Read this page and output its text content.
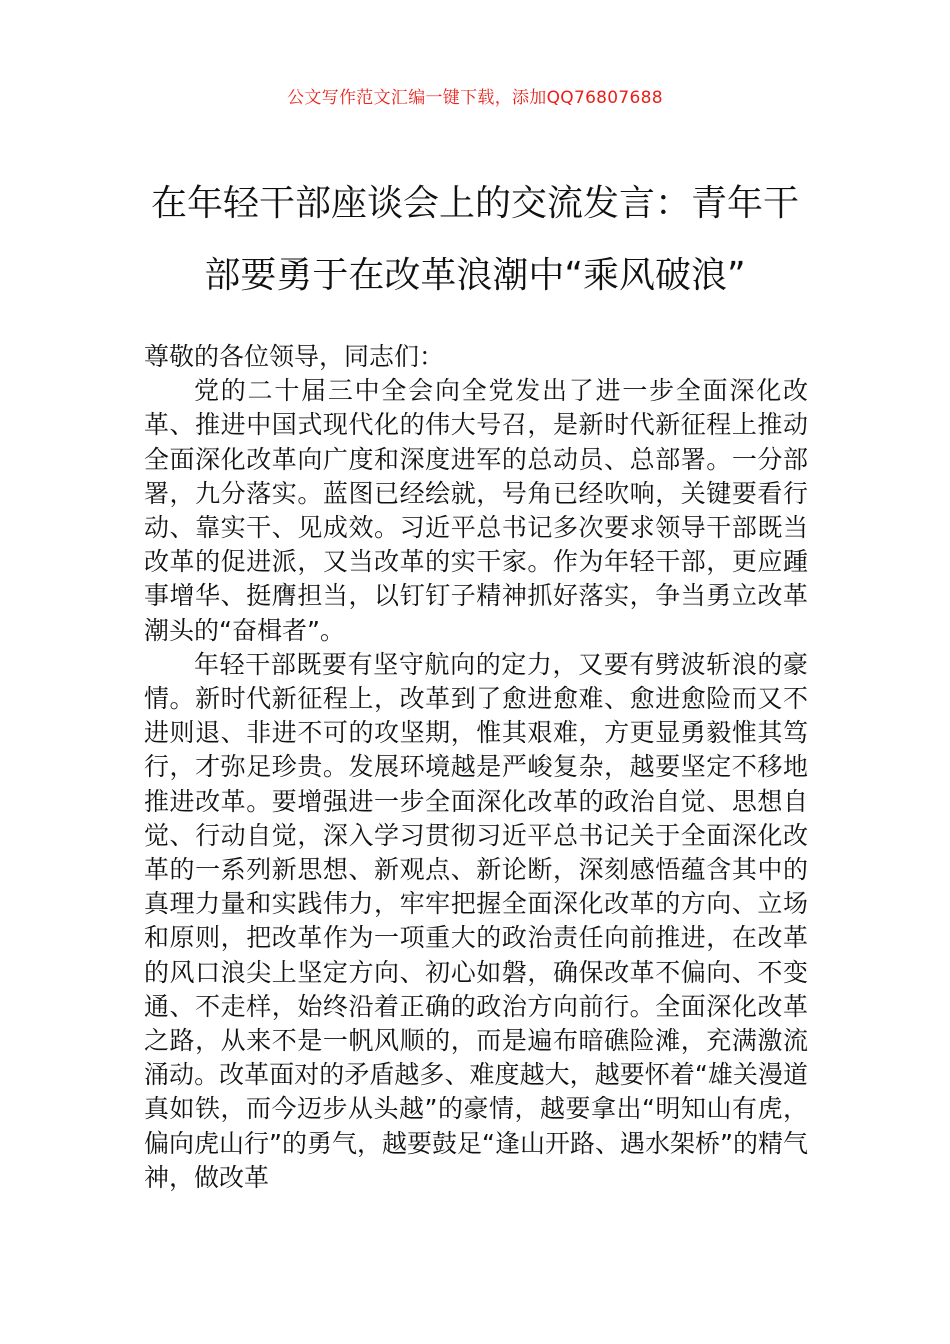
公文写作范文汇编一键下载，添加QQ76807688
在年轻干部座谈会上的交流发言：青年干
部要勇于在改革浪潮中“乘风破浪”

尊敬的各位领导，同志们：

党的二十届三中全会向全党发出了进一步全面深化改革、推进中国式现代化的伟大号召，是新时代新征程上推动全面深化改革向广度和深度进军的总动员、总部署。一分部署，九分落实。蓝图已经绘就，号角已经吹响，关键要看行动、靠实干、见成效。习近平总书记多次要求领导干部既当改革的促进派，又当改革的实干家。作为年轻干部，更应踵事增华、挺膺担当，以钉钉子精神抓好落实，争当勇立改革潮头的“奋楫者”。

年轻干部既要有坚守航向的定力，又要有劈波斩浪的豪情。新时代新征程上，改革到了愈进愈难、愈进愈险而又不进则退、非进不可的攻坚期，惟其艰难，方更显勇毅惟其笃行，才弥足珍贵。发展环境越是严峻复杂，越要坚定不移地推进改革。要增强进一步全面深化改革的政治自觉、思想自觉、行动自觉，深入学习贯彻习近平总书记关于全面深化改革的一系列新思想、新观点、新论断，深刻感悟蕴含其中的真理力量和实践伟力，牢牢把握全面深化改革的方向、立场和原则，把改革作为一项重大的政治责任向前推进，在改革的风口浪尖上坚定方向、初心如磐，确保改革不偏向、不变通、不走样，始终沿着正确的政治方向前行。全面深化改革之路，从来不是一帆风顺的，而是遍布暗礁险滩，充满激流涌动。改革面对的矛盾越多、难度越大，越要怀着“雄关漫道真如铁，而今迈步从头越”的豪情，越要拿出“明知山有虎，偏向虎山行”的勇气，越要鼓足“逢山开路、遇水架桥”的精气神，做改革
